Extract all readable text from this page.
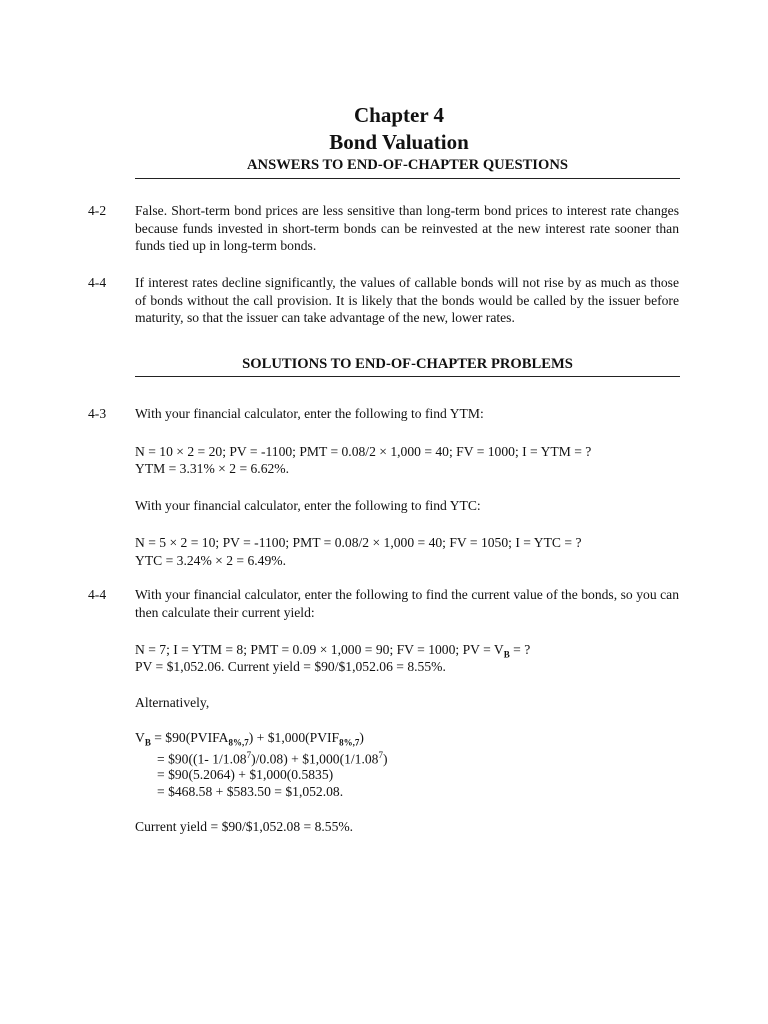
Chapter 4
Bond Valuation
ANSWERS TO END-OF-CHAPTER QUESTIONS
4-2 False. Short-term bond prices are less sensitive than long-term bond prices to interest rate changes because funds invested in short-term bonds can be reinvested at the new interest rate sooner than funds tied up in long-term bonds.
4-4 If interest rates decline significantly, the values of callable bonds will not rise by as much as those of bonds without the call provision. It is likely that the bonds would be called by the issuer before maturity, so that the issuer can take advantage of the new, lower rates.
SOLUTIONS TO END-OF-CHAPTER PROBLEMS
4-3 With your financial calculator, enter the following to find YTM:
N = 10 × 2 = 20; PV = -1100; PMT = 0.08/2 × 1,000 = 40; FV = 1000; I = YTM = ?
YTM = 3.31% × 2 = 6.62%.
With your financial calculator, enter the following to find YTC:
N = 5 × 2 = 10; PV = -1100; PMT = 0.08/2 × 1,000 = 40; FV = 1050; I = YTC = ?
YTC = 3.24% × 2 = 6.49%.
4-4 With your financial calculator, enter the following to find the current value of the bonds, so you can then calculate their current yield:
N = 7; I = YTM = 8; PMT = 0.09 × 1,000 = 90; FV = 1000; PV = $V_B$ = ?
PV = $1,052.06. Current yield = $90/$1,052.06 = 8.55%.
Alternatively,
$V_B$ = $\$90(PVIFA_{8\%,7})$ + $\$1,000(PVIF_{8\%,7})$
= $90((1- $1/1.08^7)/0.08$) + $\$1,000(1/1.08^7)$
= $90(5.2064) + $1,000(0.5835)
= $468.58 + $583.50 = $1,052.08.
Current yield = $90/$1,052.08 = 8.55%.
